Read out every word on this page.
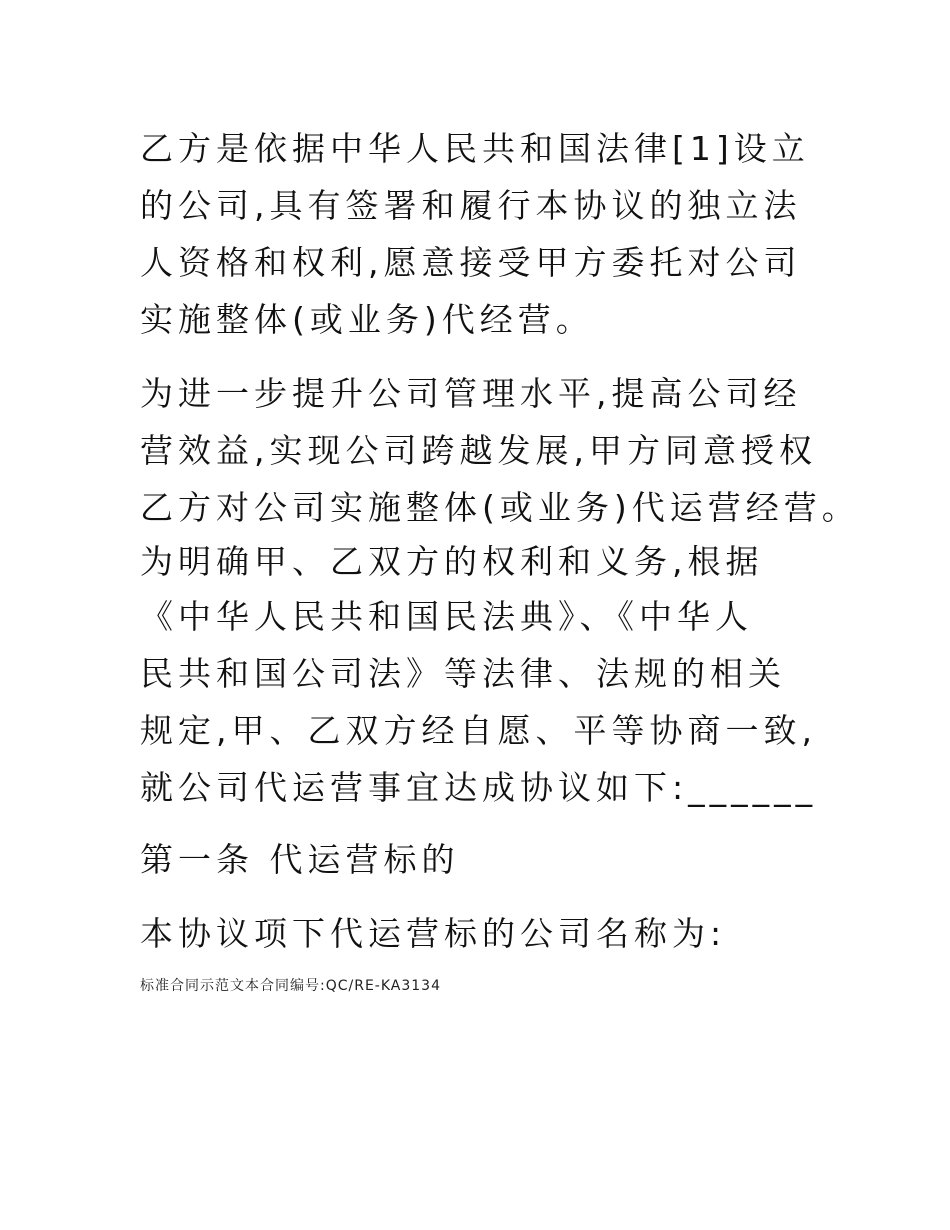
乙方是依据中华人民共和国法律[1]设立
的公司,具有签署和履行本协议的独立法
人资格和权利,愿意接受甲方委托对公司
实施整体(或业务)代经营。
为进一步提升公司管理水平,提高公司经
营效益,实现公司跨越发展,甲方同意授权
乙方对公司实施整体(或业务)代运营经营。
为明确甲、乙双方的权利和义务,根据
《中华人民共和国民法典》、《中华人
民共和国公司法》等法律、法规的相关
规定,甲、乙双方经自愿、平等协商一致,
就公司代运营事宜达成协议如下:______
第一条 代运营标的
本协议项下代运营标的公司名称为:
标准合同示范文本合同编号:QC/RE-KA3134
